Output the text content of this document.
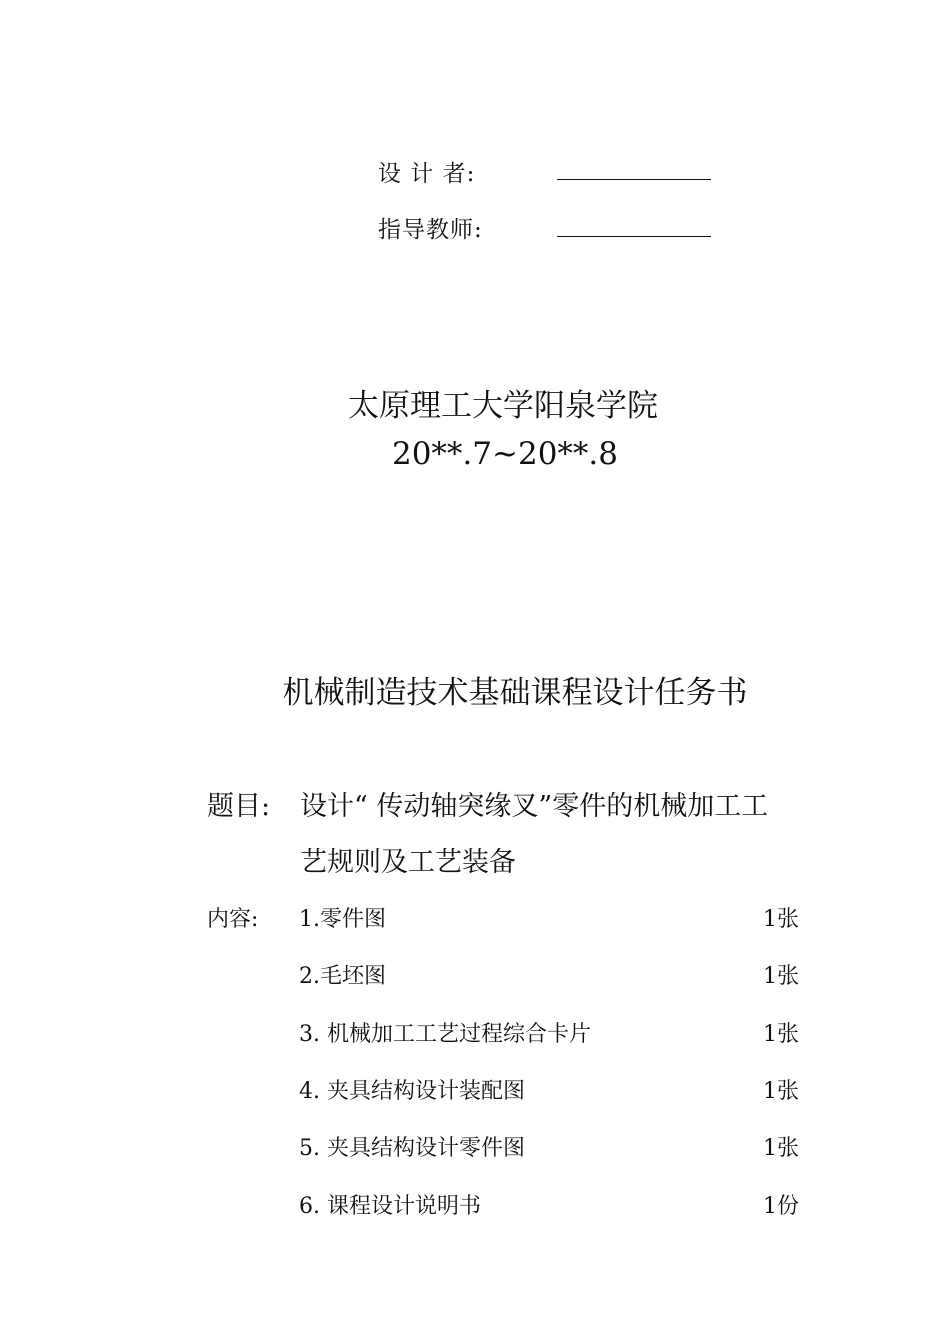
设 计 者:
指导教师:
太原理工大学阳泉学院
20**.7~20**.8
机械制造技术基础课程设计任务书
题目: 设计“ 传动轴突缘叉”零件的机械加工工
艺规则及工艺装备
内容: 1.零件图	1张
2.毛坯图	1张
3. 机械加工工艺过程综合卡片	1张
4. 夹具结构设计装配图	1张
5. 夹具结构设计零件图	1张
6. 课程设计说明书	1份
